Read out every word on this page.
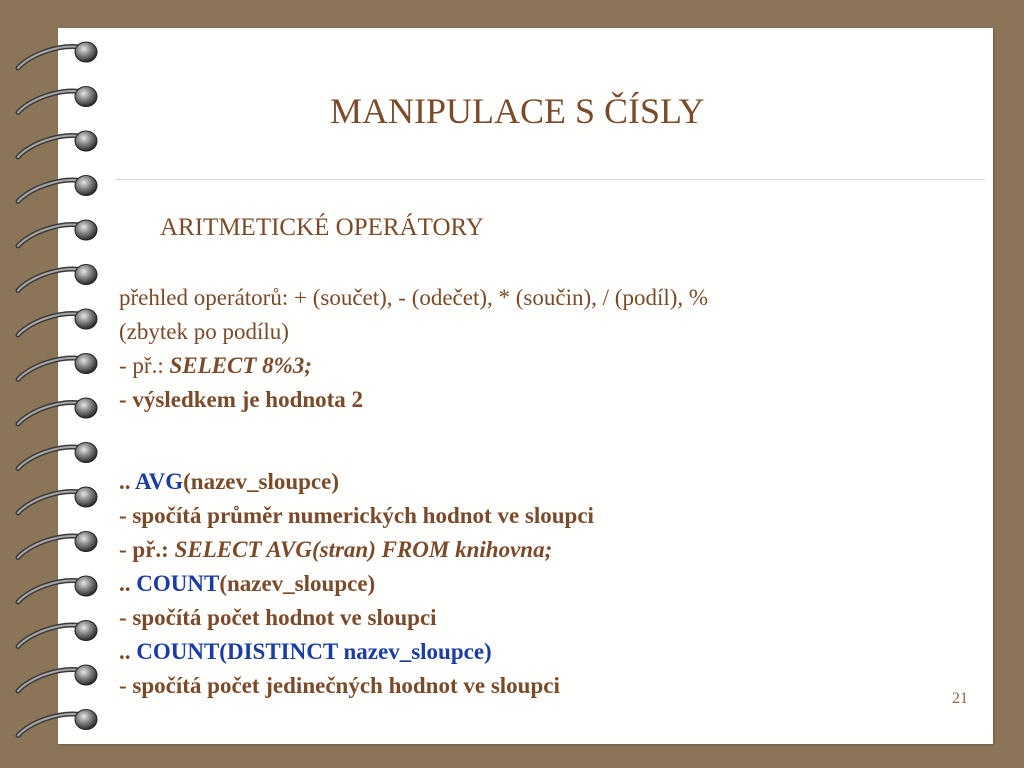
MANIPULACE S ČÍSLY
ARITMETICKÉ OPERÁTORY
přehled operátorů: + (součet), - (odečet), * (součin), / (podíl), %
(zbytek po podílu)
- př.: SELECT 8%3;
- výsledkem je hodnota 2
.. AVG(nazev_sloupce)
- spočítá průměr numerických hodnot ve sloupci
- př.: SELECT AVG(stran) FROM knihovna;
.. COUNT(nazev_sloupce)
- spočítá počet hodnot ve sloupci
.. COUNT(DISTINCT nazev_sloupce)
- spočítá počet jedinečných hodnot ve sloupci
21
